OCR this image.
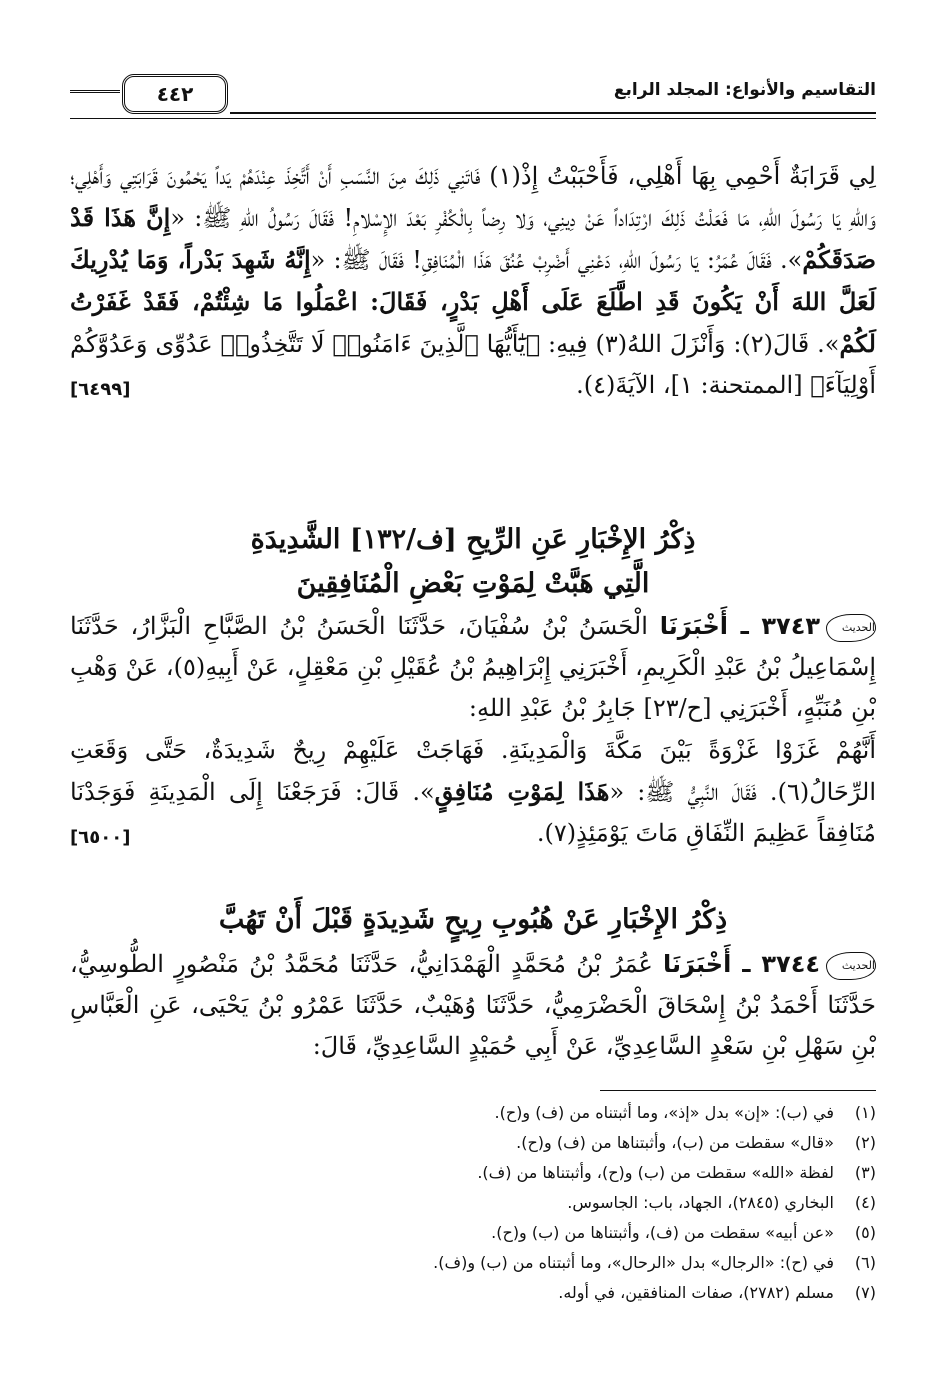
التقاسيم والأنواع: المجلد الرابع
٤٤٢
لِي قَرَابَةٌ أَحْمِي بِهَا أَهْلِي، فَأَحْبَبْتُ إِذْ(١) فَاتَنِي ذَلِكَ مِنَ النَّسَبِ أَنْ أَتَّخِذَ عِنْدَهُمْ يَداً يَحْمُونَ قَرَابَتِي وَأَهْلِي؛ وَاللهِ يَا رَسُولَ اللهِ، مَا فَعَلْتُ ذَلِكَ ارْتِدَاداً عَنْ دِينِي، وَلا رِضاً بِالْكُفْرِ بَعْدَ الإِسْلامِ! فَقَالَ رَسُولُ اللهِ ﷺ: «إِنَّ هَذَا قَدْ صَدَقَكُمْ». فَقَالَ عُمَرُ: يَا رَسُولَ اللهِ، دَعْنِي أَضْرِبْ عُنُقَ هَذَا الْمُنَافِقِ! فَقَالَ ﷺ: «إِنَّهُ شَهِدَ بَدْراً، وَمَا يُدْرِيكَ لَعَلَّ اللهَ أَنْ يَكُونَ قَدِ اطَّلَعَ عَلَى أَهْلِ بَدْرٍ، فَقَالَ: اعْمَلُوا مَا شِئْتُمْ، فَقَدْ غَفَرْتُ لَكُمْ». قَالَ(٢): وَأَنْزَلَ اللهُ(٣) فِيهِ: ﴿يَٰٓأَيُّهَا ٱلَّذِينَ ءَامَنُوا۟ لَا تَتَّخِذُوا۟ عَدُوِّى وَعَدُوَّكُمْ أَوْلِيَآءَ﴾ [الممتحنة: ١]، الآيَةَ(٤).
[٦٤٩٩]
ذِكْرُ الإِخْبَارِ عَنِ الرِّيحِ [ف/١٣٢] الشَّدِيدَةِ
الَّتِي هَبَّتْ لِمَوْتِ بَعْضِ الْمُنَافِقِينَ
الحديث٣٧٤٣ ـ أَخْبَرَنَا الْحَسَنُ بْنُ سُفْيَانَ، حَدَّثَنَا الْحَسَنُ بْنُ الصَّبَّاحِ الْبَزَّارُ، حَدَّثَنَا إِسْمَاعِيلُ بْنُ عَبْدِ الْكَرِيمِ، أَخْبَرَنِي إِبْرَاهِيمُ بْنُ عُقَيْلِ بْنِ مَعْقِلٍ، عَنْ أَبِيهِ(٥)، عَنْ وَهْبِ بْنِ مُنَبِّهٍ، أَخْبَرَنِي [ح/٢٣] جَابِرُ بْنُ عَبْدِ اللهِ:
أَنَّهُمْ غَزَوْا غَزْوَةً بَيْنَ مَكَّةَ وَالْمَدِينَةِ. فَهَاجَتْ عَلَيْهِمْ رِيحٌ شَدِيدَةٌ، حَتَّى وَقَعَتِ الرِّحَالُ(٦). فَقَالَ النَّبِيُّ ﷺ: «هَذَا لِمَوْتِ مُنَافِقٍ». قَالَ: فَرَجَعْنَا إِلَى الْمَدِينَةِ فَوَجَدْنَا مُنَافِقاً عَظِيمَ النِّفَاقِ مَاتَ يَوْمَئِذٍ(٧).
[٦٥٠٠]
ذِكْرُ الإِخْبَارِ عَنْ هُبُوبِ رِيحٍ شَدِيدَةٍ قَبْلَ أَنْ تَهُبَّ
الحديث٣٧٤٤ ـ أَخْبَرَنَا عُمَرُ بْنُ مُحَمَّدٍ الْهَمْدَانِيُّ، حَدَّثَنَا مُحَمَّدُ بْنُ مَنْصُورٍ الطُّوسِيُّ، حَدَّثَنَا أَحْمَدُ بْنُ إِسْحَاقَ الْحَضْرَمِيُّ، حَدَّثَنَا وُهَيْبٌ، حَدَّثَنَا عَمْرُو بْنُ يَحْيَى، عَنِ الْعَبَّاسِ بْنِ سَهْلِ بْنِ سَعْدٍ السَّاعِدِيِّ، عَنْ أَبِي حُمَيْدٍ السَّاعِدِيِّ، قَالَ:
(١)في (ب): «إن» بدل «إذ»، وما أثبتناه من (ف) و(ح).
(٢)«قال» سقطت من (ب)، وأثبتناها من (ف) و(ح).
(٣)لفظة «الله» سقطت من (ب) و(ح)، وأثبتناها من (ف).
(٤)البخاري (٢٨٤٥)، الجهاد، باب: الجاسوس.
(٥)«عن أبيه» سقطت من (ف)، وأثبتناها من (ب) و(ح).
(٦)في (ح): «الرجال» بدل «الرحال»، وما أثبتناه من (ب) و(ف).
(٧)مسلم (٢٧٨٢)، صفات المنافقين، في أوله.
